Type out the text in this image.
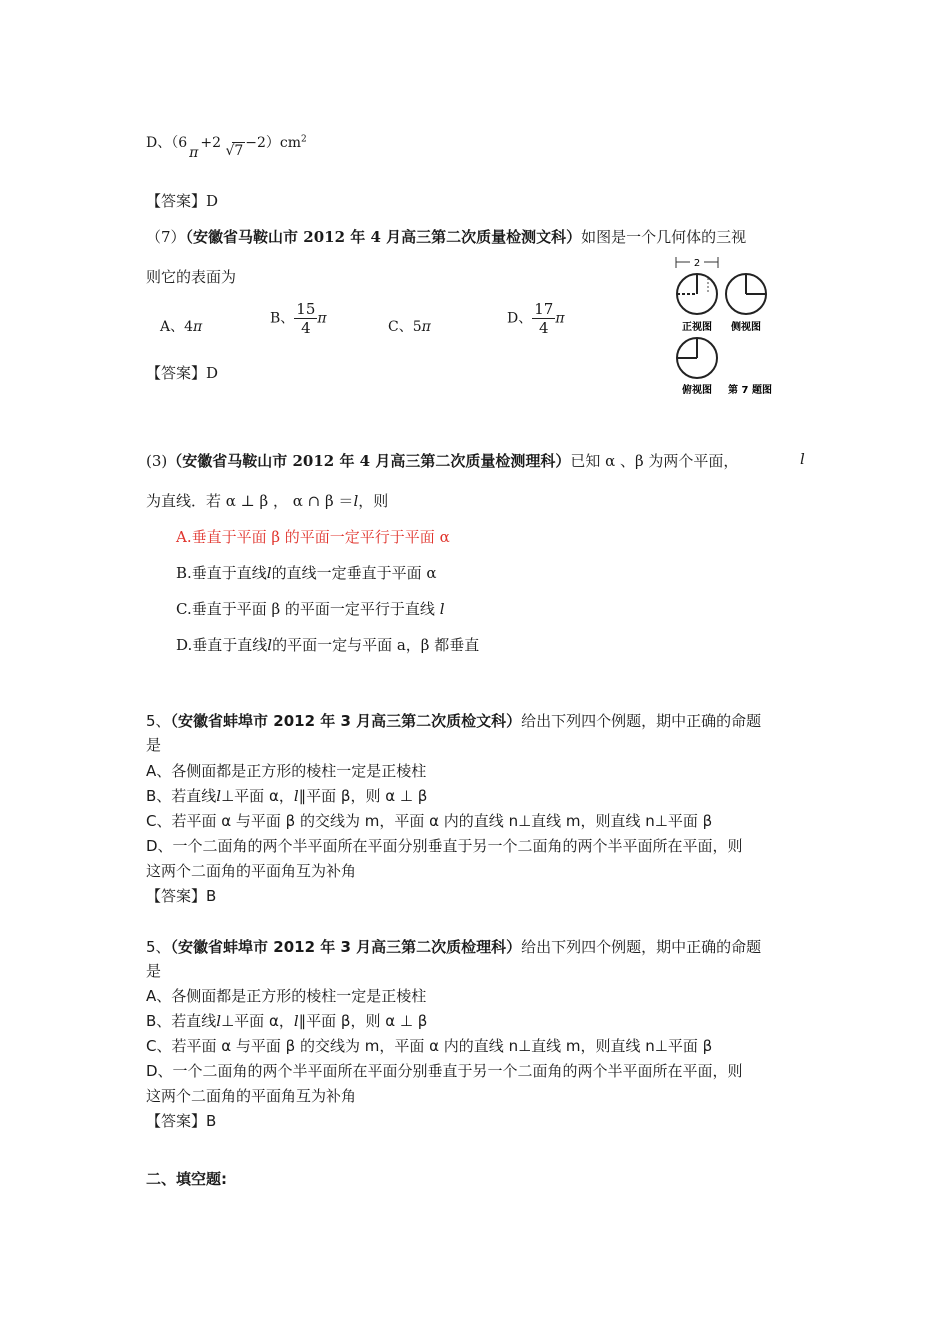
D、（6π+2 $√7 -2)cm^2$
【答案】D
（7）（安徽省马鞍山市 2012 年 4 月高三第二次质量检测文科）如图是一个几何体的三视
则它的表面为
A、4π
B、 $\frac{15}{4}$ π
C、5π
D、 $\frac{17}{4}$ π
【答案】D
2
正视图 侧视图
俯视图 第 7 题图
(3)（安徽省马鞍山市 2012 年 4 月高三第二次质量检测理科）已知 α 、β 为两个平面，	l
为直线．若 α ⊥ β ， α ∩ β ＝l，则
A.垂直于平面 β 的平面一定平行于平面 α
B.垂直于直线l的直线一定垂直于平面 α
C.垂直于平面 β 的平面一定平行于直线 l
D.垂直于直线l的平面一定与平面 a，β 都垂直
5、（安徽省蚌埠市 2012 年 3 月高三第二次质检文科）给出下列四个例题，期中正确的命题
是
A、各侧面都是正方形的棱柱一定是正棱柱
B、若直线l⊥平面 α，l∥平面 β，则 α ⊥ β
C、若平面 α 与平面 β 的交线为 m，平面 α 内的直线 n⊥直线 m，则直线 n⊥平面 β
D、一个二面角的两个半平面所在平面分别垂直于另一个二面角的两个半平面所在平面，则
这两个二面角的平面角互为补角
【答案】B
5、（安徽省蚌埠市 2012 年 3 月高三第二次质检理科）给出下列四个例题，期中正确的命题
是
A、各侧面都是正方形的棱柱一定是正棱柱
B、若直线l⊥平面 α，l∥平面 β，则 α ⊥ β
C、若平面 α 与平面 β 的交线为 m，平面 α 内的直线 n⊥直线 m，则直线 n⊥平面 β
D、一个二面角的两个半平面所在平面分别垂直于另一个二面角的两个半平面所在平面，则
这两个二面角的平面角互为补角
【答案】B
二、填空题:
